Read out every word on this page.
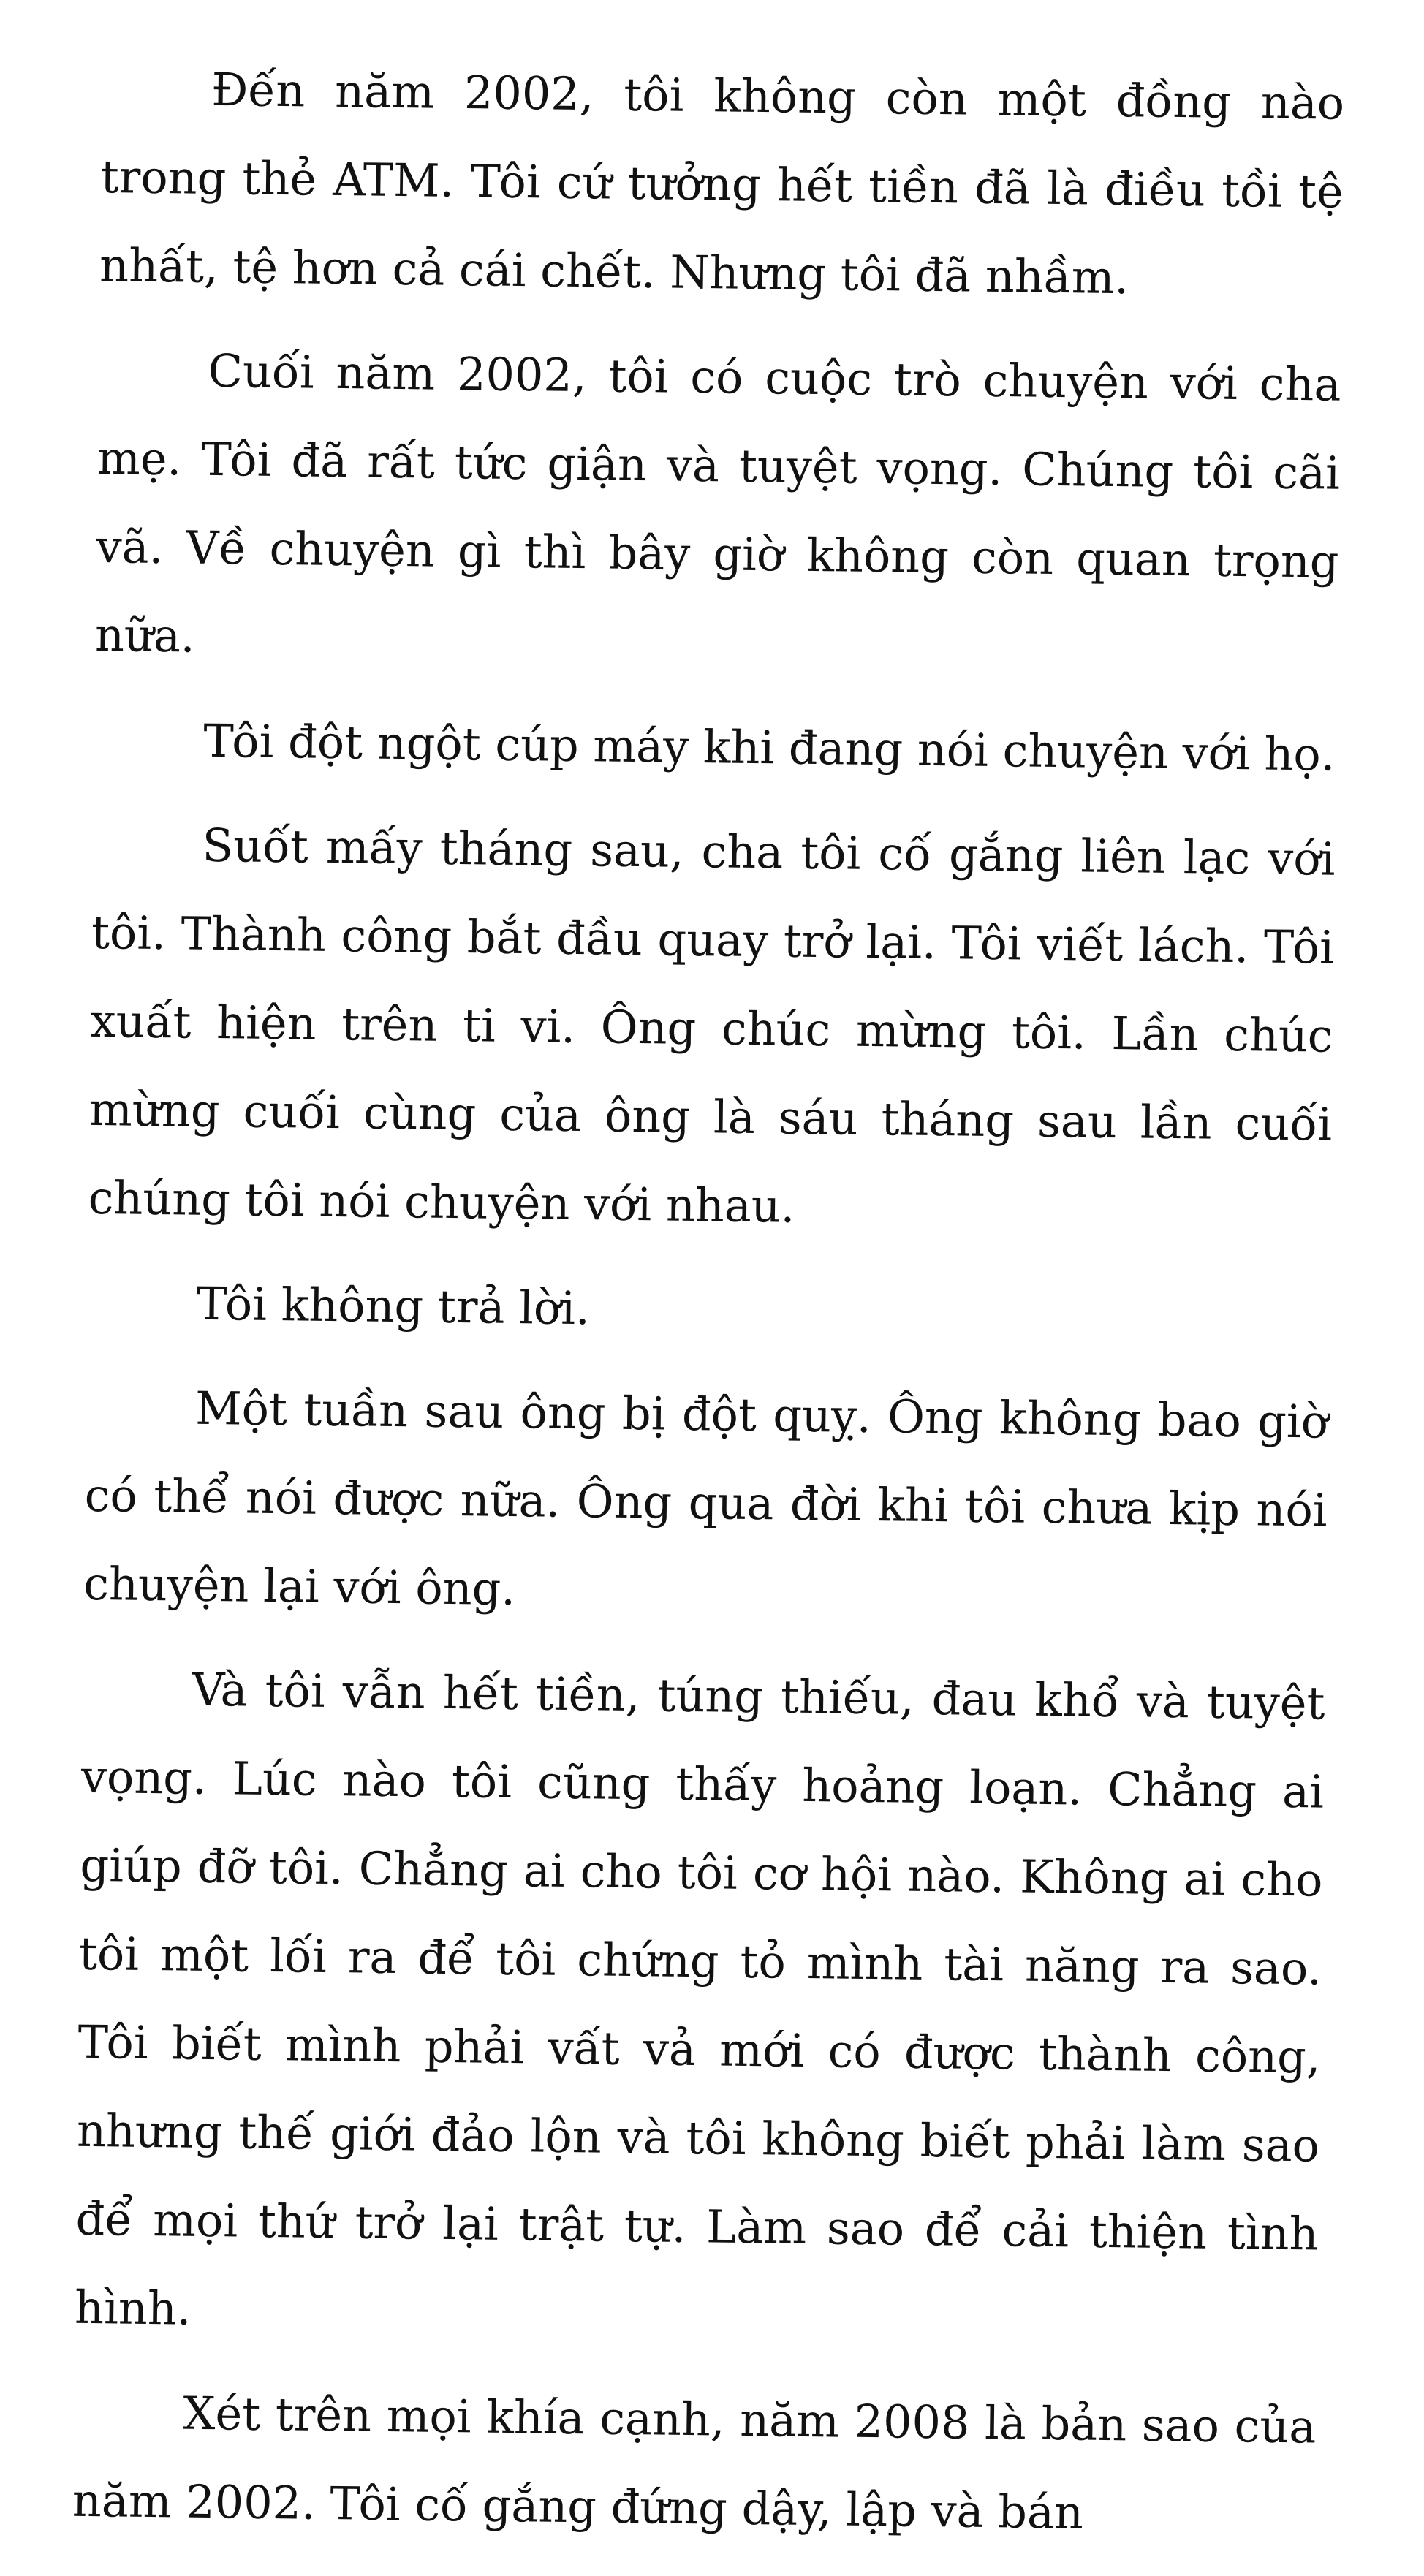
Đến năm 2002, tôi không còn một đồng nào trong thẻ ATM. Tôi cứ tưởng hết tiền đã là điều tồi tệ nhất, tệ hơn cả cái chết. Nhưng tôi đã nhầm.

Cuối năm 2002, tôi có cuộc trò chuyện với cha mẹ. Tôi đã rất tức giận và tuyệt vọng. Chúng tôi cãi vã. Về chuyện gì thì bây giờ không còn quan trọng nữa.

Tôi đột ngột cúp máy khi đang nói chuyện với họ.

Suốt mấy tháng sau, cha tôi cố gắng liên lạc với tôi. Thành công bắt đầu quay trở lại. Tôi viết lách. Tôi xuất hiện trên ti vi. Ông chúc mừng tôi. Lần chúc mừng cuối cùng của ông là sáu tháng sau lần cuối chúng tôi nói chuyện với nhau.

Tôi không trả lời.

Một tuần sau ông bị đột quỵ. Ông không bao giờ có thể nói được nữa. Ông qua đời khi tôi chưa kịp nói chuyện lại với ông.

Và tôi vẫn hết tiền, túng thiếu, đau khổ và tuyệt vọng. Lúc nào tôi cũng thấy hoảng loạn. Chẳng ai giúp đỡ tôi. Chẳng ai cho tôi cơ hội nào. Không ai cho tôi một lối ra để tôi chứng tỏ mình tài năng ra sao. Tôi biết mình phải vất vả mới có được thành công, nhưng thế giới đảo lộn và tôi không biết phải làm sao để mọi thứ trở lại trật tự. Làm sao để cải thiện tình hình.

Xét trên mọi khía cạnh, năm 2008 là bản sao của năm 2002. Tôi cố gắng đứng dậy, lập và bán
